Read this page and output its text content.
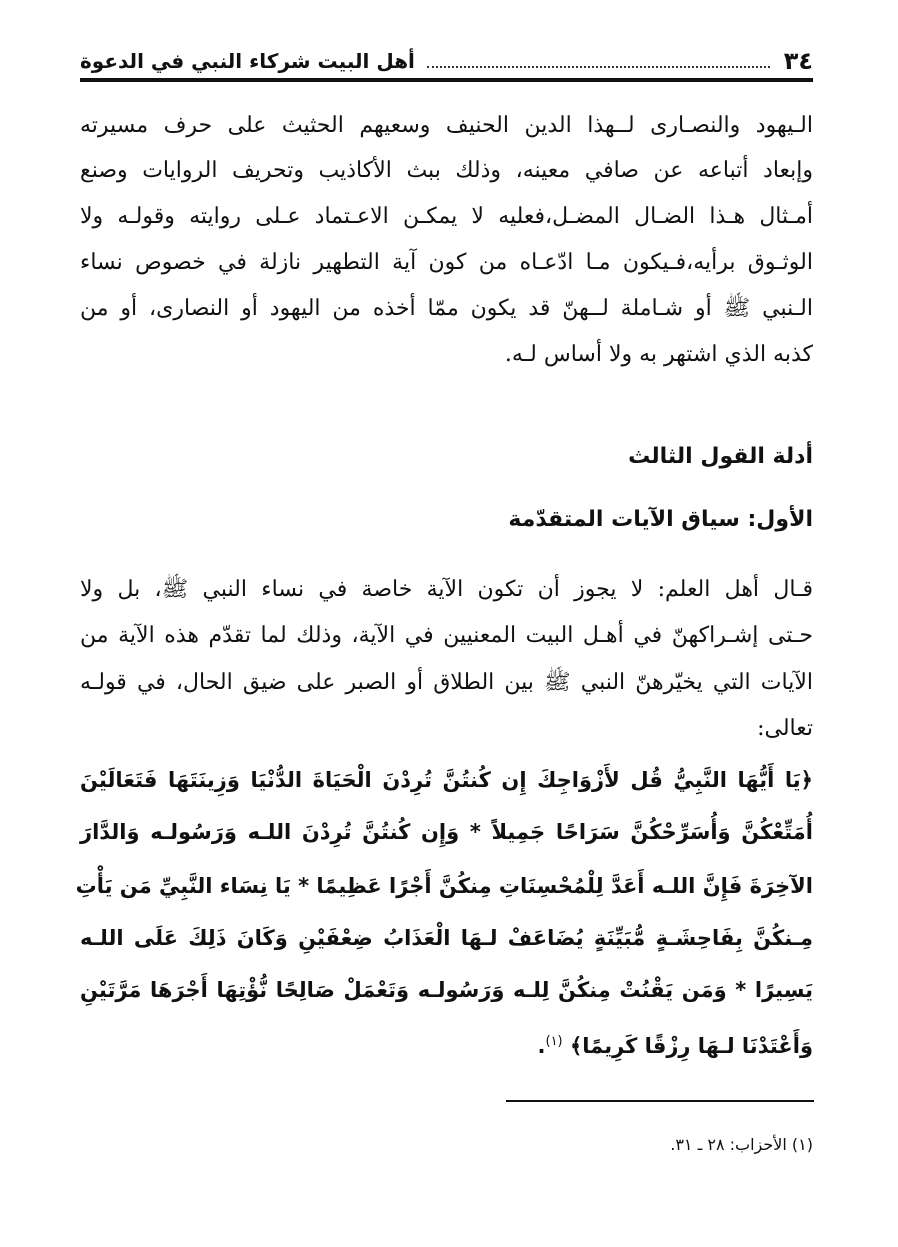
٣٤
أهل البيت شركاء النبي في الدعوة
الـيهود والنصـارى لــهذا الدين الحنيف وسعيهم الحثيث على حرف مسيرته
وإبعاد أتباعه عن صافي معينه، وذلك ببث الأكاذيب وتحريف الروايات وصنع
أمـثال هـذا الضـال المضـل،فعليه لا يمكـن الاعـتماد عـلى روايته وقولـه ولا
الوثـوق برأيه،فـيكون مـا ادّعـاه من كون آية التطهير نازلة في خصوص نساء
الـنبي ﷺ أو شـاملة لــهنّ قد يكون ممّا أخذه من اليهود أو النصارى، أو من
كذبه الذي اشتهر به ولا أساس لـه.
أدلة القول الثالث
الأول: سياق الآيات المتقدّمة
قـال أهل العلم: لا يجوز أن تكون الآية خاصة في نساء النبي ﷺ، بل ولا
حـتى إشـراكهنّ في أهـل البيت المعنيين في الآية، وذلك لما تقدّم هذه الآية من
الآيات التي يخيّرهنّ النبي ﷺ بين الطلاق أو الصبر على ضيق الحال، في قولـه
تعالى:
﴿يَا أَيُّهَا النَّبِيُّ قُل لأَزْوَاجِكَ إِن كُنتُنَّ تُرِدْنَ الْحَيَاةَ الدُّنْيَا وَزِينَتَهَا فَتَعَالَيْنَ
أُمَتِّعْكُنَّ وَأُسَرِّحْكُنَّ سَرَاحًا جَمِيلاً * وَإِن كُنتُنَّ تُرِدْنَ اللـه وَرَسُولـه وَالدَّارَ
الآخِرَةَ فَإِنَّ اللـه أَعَدَّ لِلْمُحْسِنَاتِ مِنكُنَّ أَجْرًا عَظِيمًا * يَا نِسَاء النَّبِيِّ مَن يَأْتِ
مِـنكُنَّ بِفَاحِشَـةٍ مُّبَيِّنَةٍ يُضَاعَفْ لـهَا الْعَذَابُ ضِعْفَيْنِ وَكَانَ ذَلِكَ عَلَى اللـه
يَسِيرًا * وَمَن يَقْنُتْ مِنكُنَّ لِلـه وَرَسُولـه وَتَعْمَلْ صَالِحًا نُّؤْتِهَا أَجْرَهَا مَرَّتَيْنِ
وَأَعْتَدْنَا لـهَا رِزْقًا كَرِيمًا﴾ $^{(١)}$.
(١) الأحزاب: ٢٨ ـ ٣١.
